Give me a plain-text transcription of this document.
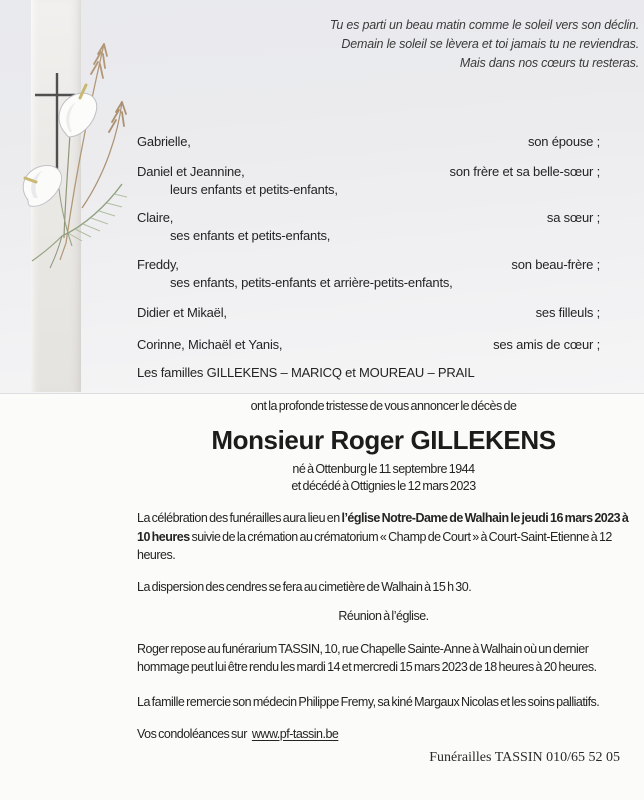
Tu es parti un beau matin comme le soleil vers son déclin.
Demain le soleil se lèvera et toi jamais tu ne reviendras.
Mais dans nos cœurs tu resteras.
Gabrielle,	son épouse ;
Daniel et Jeannine,	son frère et sa belle-sœur ;
leurs enfants et petits-enfants,
Claire,	sa sœur ;
ses enfants et petits-enfants,
Freddy,	son beau-frère ;
ses enfants, petits-enfants et arrière-petits-enfants,
Didier et Mikaël,	ses filleuls ;
Corinne, Michaël et Yanis,	ses amis de cœur ;
Les familles GILLEKENS – MARICQ et MOUREAU – PRAIL
ont la profonde tristesse de vous annoncer le décès de
Monsieur Roger GILLEKENS
né à Ottenburg le 11 septembre 1944
et décédé à Ottignies le 12 mars 2023
La célébration des funérailles aura lieu en l’église Notre-Dame de Walhain le jeudi 16 mars 2023 à 10 heures suivie de la crémation au crématorium « Champ de Court » à Court-Saint-Etienne à 12 heures.
La dispersion des cendres se fera au cimetière de Walhain à 15 h 30.
Réunion à l’église.
Roger repose au funérarium TASSIN, 10, rue Chapelle Sainte-Anne à Walhain où un dernier hommage peut lui être rendu les mardi 14 et mercredi 15 mars 2023 de 18 heures à 20 heures.
La famille remercie son médecin Philippe Fremy, sa kiné Margaux Nicolas et les soins palliatifs.
Vos condoléances sur www.pf-tassin.be
Funérailles TASSIN 010/65 52 05
